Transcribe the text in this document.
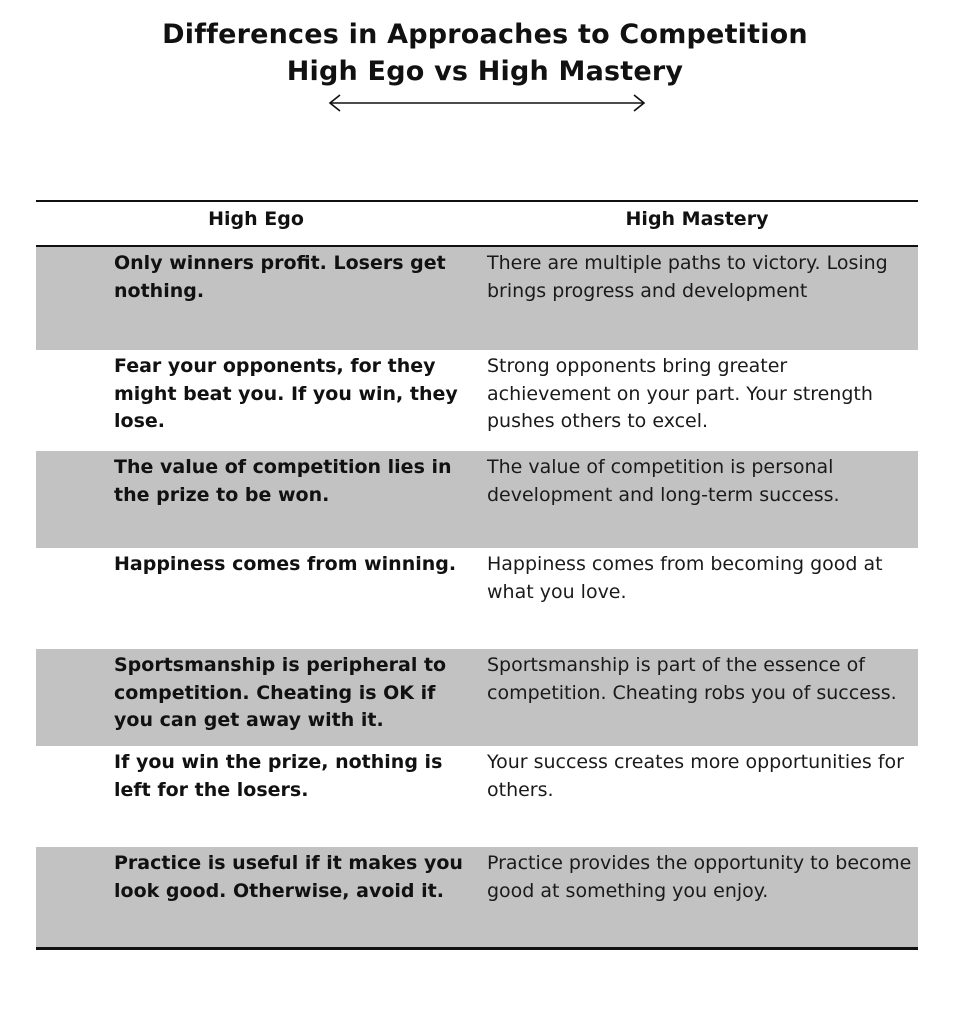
Differences in Approaches to Competition
High Ego vs High Mastery
High Ego	High Mastery
Only winners profit. Losers get nothing.
There are multiple paths to victory. Losing brings progress and development
Fear your opponents, for they might beat you. If you win, they lose.
Strong opponents bring greater achievement on your part. Your strength pushes others to excel.
The value of competition lies in the prize to be won.
The value of competition is personal development and long-term success.
Happiness comes from winning.	Happiness comes from becoming good at what you love.
Sportsmanship is peripheral to competition. Cheating is OK if you can get away with it.
Sportsmanship is part of the essence of competition. Cheating robs you of success.
If you win the prize, nothing is left for the losers.
Your success creates more opportunities for others.
Practice is useful if it makes you look good. Otherwise, avoid it.
Practice provides the opportunity to become good at something you enjoy.
